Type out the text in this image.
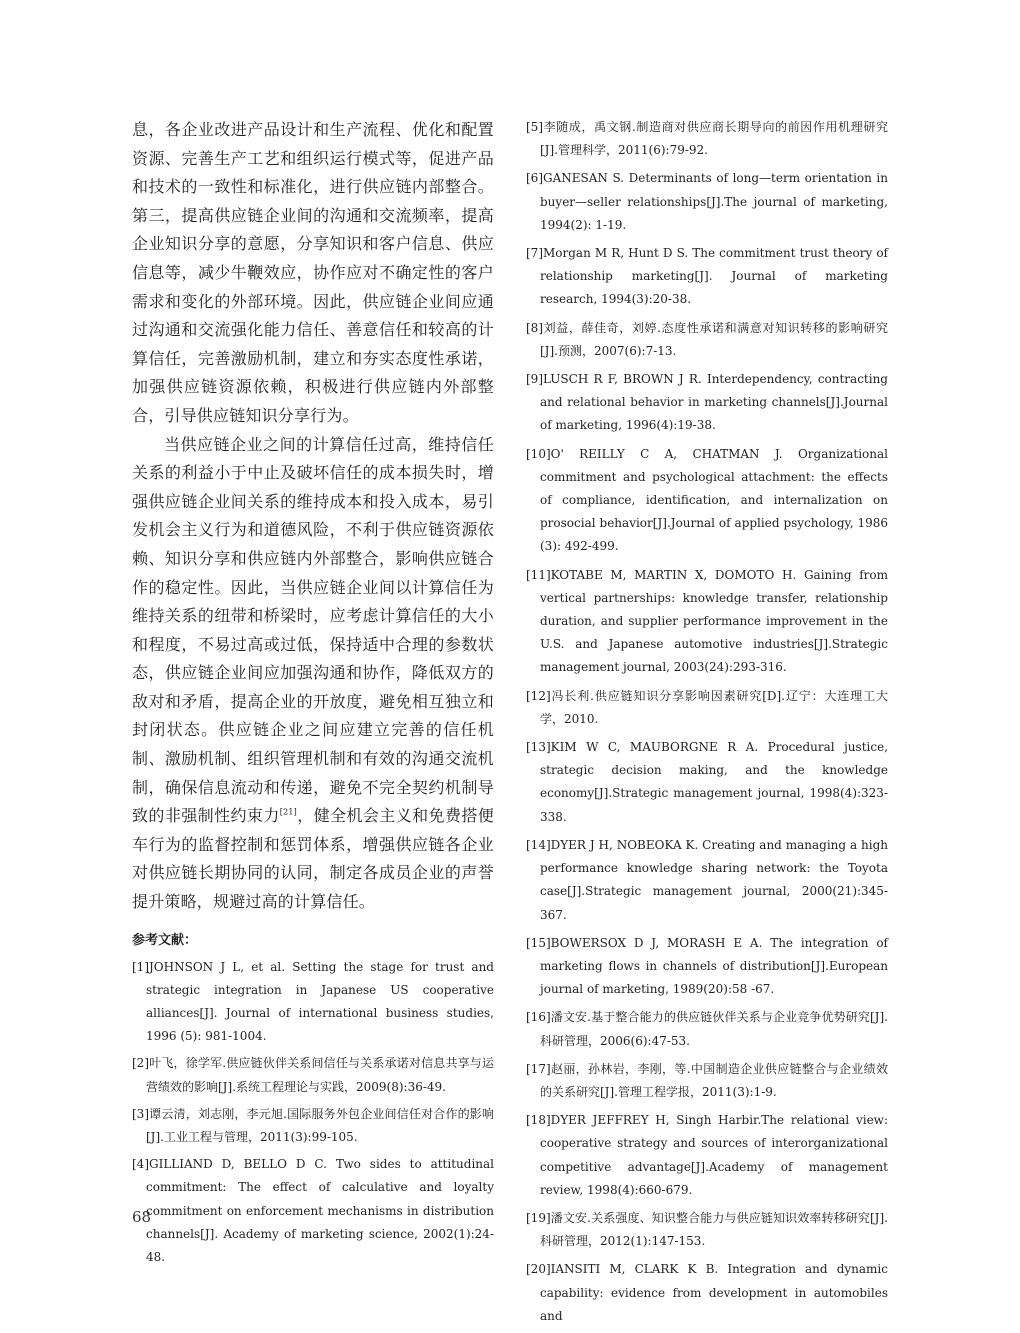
息，各企业改进产品设计和生产流程、优化和配置资源、完善生产工艺和组织运行模式等，促进产品和技术的一致性和标准化，进行供应链内部整合。第三，提高供应链企业间的沟通和交流频率，提高企业知识分享的意愿，分享知识和客户信息、供应信息等，减少牛鞭效应，协作应对不确定性的客户需求和变化的外部环境。因此，供应链企业间应通过沟通和交流强化能力信任、善意信任和较高的计算信任，完善激励机制，建立和夯实态度性承诺，加强供应链资源依赖，积极进行供应链内外部整合，引导供应链知识分享行为。

当供应链企业之间的计算信任过高，维持信任关系的利益小于中止及破坏信任的成本损失时，增强供应链企业间关系的维持成本和投入成本，易引发机会主义行为和道德风险，不利于供应链资源依赖、知识分享和供应链内外部整合，影响供应链合作的稳定性。因此，当供应链企业间以计算信任为维持关系的纽带和桥梁时，应考虑计算信任的大小和程度，不易过高或过低，保持适中合理的参数状态，供应链企业间应加强沟通和协作，降低双方的敌对和矛盾，提高企业的开放度，避免相互独立和封闭状态。供应链企业之间应建立完善的信任机制、激励机制、组织管理机制和有效的沟通交流机制，确保信息流动和传递，避免不完全契约机制导致的非强制性约束力[21]，健全机会主义和免费搭便车行为的监督控制和惩罚体系，增强供应链各企业对供应链长期协同的认同，制定各成员企业的声誉提升策略，规避过高的计算信任。

参考文献：

[1]JOHNSON J L, et al. Setting the stage for trust and strategic integration in Japanese US cooperative alliances[J]. Journal of international business studies, 1996 (5): 981-1004.

[2]叶飞，徐学军.供应链伙伴关系间信任与关系承诺对信息共享与运营绩效的影响[J].系统工程理论与实践，2009(8):36-49.

[3]谭云清，刘志刚，李元旭.国际服务外包企业间信任对合作的影响[J].工业工程与管理，2011(3):99-105.

[4]GILLIAND D, BELLO D C. Two sides to attitudinal commitment: The effect of calculative and loyalty commitment on enforcement mechanisms in distribution channels[J]. Academy of marketing science, 2002(1):24-48.

[5]李随成，禹文钢.制造商对供应商长期导向的前因作用机理研究[J].管理科学，2011(6):79-92.

[6]GANESAN S. Determinants of long—term orientation in buyer—seller relationships[J].The journal of marketing, 1994(2): 1-19.

[7]Morgan M R, Hunt D S. The commitment trust theory of relationship marketing[J]. Journal of marketing research, 1994(3):20-38.

[8]刘益，薛佳奇，刘婷.态度性承诺和满意对知识转移的影响研究[J].预测，2007(6):7-13.

[9]LUSCH R F, BROWN J R. Interdependency, contracting and relational behavior in marketing channels[J].Journal of marketing, 1996(4):19-38.

[10]O' REILLY C A, CHATMAN J. Organizational commitment and psychological attachment: the effects of compliance, identification, and internalization on prosocial behavior[J].Journal of applied psychology, 1986 (3): 492-499.

[11]KOTABE M, MARTIN X, DOMOTO H. Gaining from vertical partnerships: knowledge transfer, relationship duration, and supplier performance improvement in the U.S. and Japanese automotive industries[J].Strategic management journal, 2003(24):293-316.

[12]冯长利.供应链知识分享影响因素研究[D].辽宁：大连理工大学，2010.

[13]KIM W C, MAUBORGNE R A. Procedural justice, strategic decision making, and the knowledge economy[J].Strategic management journal, 1998(4):323-338.

[14]DYER J H, NOBEOKA K. Creating and managing a high performance knowledge sharing network: the Toyota case[J].Strategic management journal, 2000(21):345-367.

[15]BOWERSOX D J, MORASH E A. The integration of marketing flows in channels of distribution[J].European journal of marketing, 1989(20):58 -67.

[16]潘文安.基于整合能力的供应链伙伴关系与企业竞争优势研究[J].科研管理，2006(6):47-53.

[17]赵丽，孙林岩，李刚，等.中国制造企业供应链整合与企业绩效的关系研究[J].管理工程学报，2011(3):1-9.

[18]DYER JEFFREY H, Singh Harbir.The relational view: cooperative strategy and sources of interorganizational competitive advantage[J].Academy of management review, 1998(4):660-679.

[19]潘文安.关系强度、知识整合能力与供应链知识效率转移研究[J].科研管理，2012(1):147-153.

[20]IANSITI M, CLARK K B. Integration and dynamic capability: evidence from development in automobiles and

68
